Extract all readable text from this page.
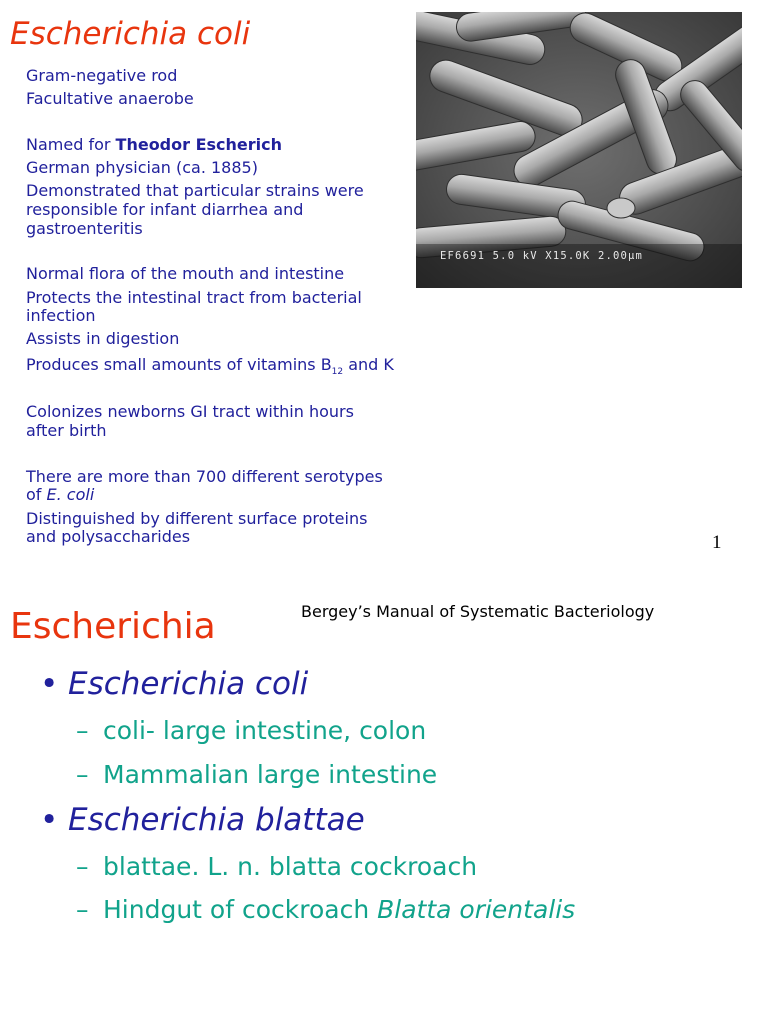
Escherichia coli
Gram-negative rod
Facultative anaerobe
Named for Theodor Escherich
German physician (ca. 1885)
Demonstrated that particular strains were
responsible for infant diarrhea and
gastroenteritis
Normal flora of the mouth and intestine
Protects the intestinal tract from bacterial
infection
Assists in digestion
Produces small amounts of vitamins $B_{12}$ and K
Colonizes newborns GI tract within hours
after birth
There are more than 700 different serotypes
of E. coli
Distinguished by different surface proteins
and polysaccharides
EF6691 5.0 kV X15.0K 2.00µm
1
Escherichia	Bergey’s Manual of Systematic Bacteriology
• Escherichia coli
– coli- large intestine, colon
– Mammalian large intestine
• Escherichia blattae
– blattae. L. n. blatta cockroach
– Hindgut of cockroach Blatta orientalis
